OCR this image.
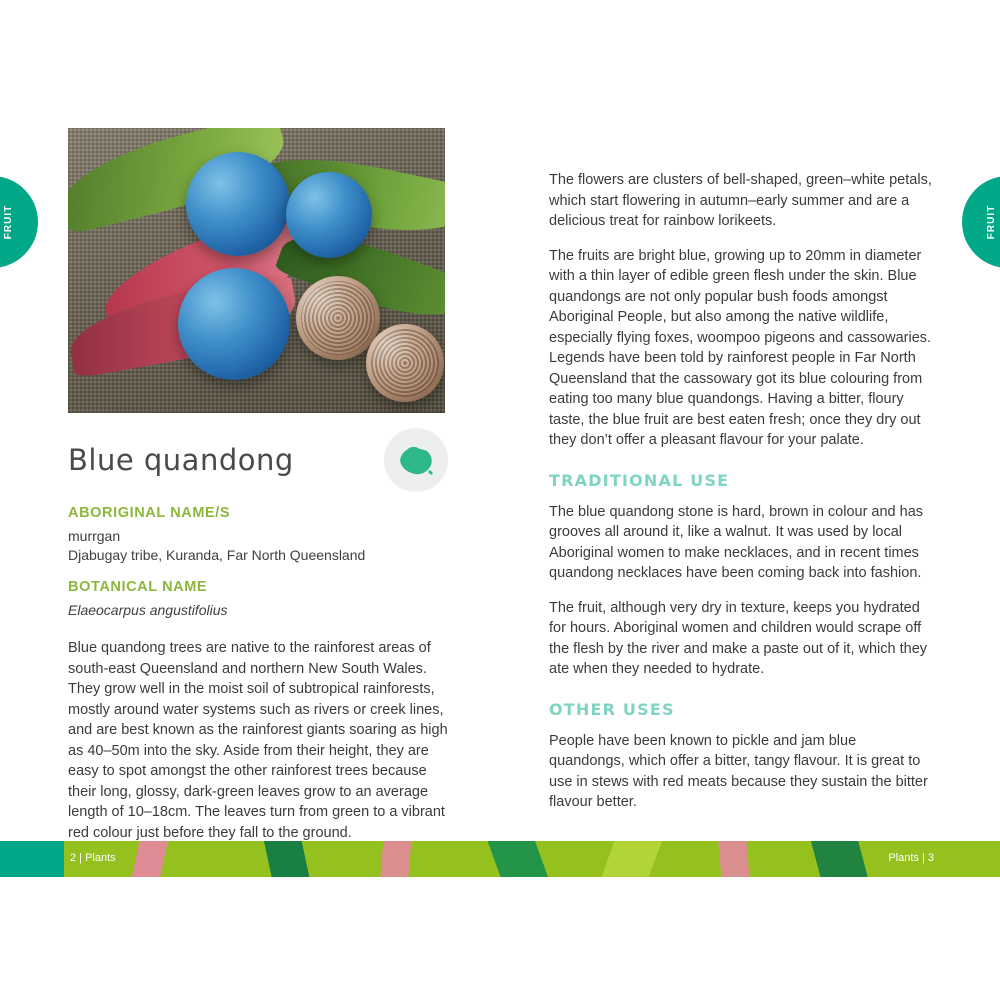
FRUIT	FRUIT
Blue quandong
ABORIGINAL NAME/S
murrgan
Djabugay tribe, Kuranda, Far North Queensland
BOTANICAL NAME
Elaeocarpus angustifolius

Blue quandong trees are native to the rainforest areas of south-east Queensland and northern New South Wales. They grow well in the moist soil of subtropical rainforests, mostly around water systems such as rivers or creek lines, and are best known as the rainforest giants soaring as high as 40–50m into the sky. Aside from their height, they are easy to spot amongst the other rainforest trees because their long, glossy, dark-green leaves grow to an average length of 10–18cm. The leaves turn from green to a vibrant red colour just before they fall to the ground.

The flowers are clusters of bell-shaped, green–white petals, which start flowering in autumn–early summer and are a delicious treat for rainbow lorikeets.

The fruits are bright blue, growing up to 20mm in diameter with a thin layer of edible green flesh under the skin. Blue quandongs are not only popular bush foods amongst Aboriginal People, but also among the native wildlife, especially flying foxes, woompoo pigeons and cassowaries. Legends have been told by rainforest people in Far North Queensland that the cassowary got its blue colouring from eating too many blue quandongs. Having a bitter, floury taste, the blue fruit are best eaten fresh; once they dry out they don’t offer a pleasant flavour for your palate.

TRADITIONAL USE

The blue quandong stone is hard, brown in colour and has grooves all around it, like a walnut. It was used by local Aboriginal women to make necklaces, and in recent times quandong necklaces have been coming back into fashion.

The fruit, although very dry in texture, keeps you hydrated for hours. Aboriginal women and children would scrape off the flesh by the river and make a paste out of it, which they ate when they needed to hydrate.

OTHER USES

People have been known to pickle and jam blue quandongs, which offer a bitter, tangy flavour. It is great to use in stews with red meats because they sustain the bitter flavour better.

2 | Plants	Plants | 3
